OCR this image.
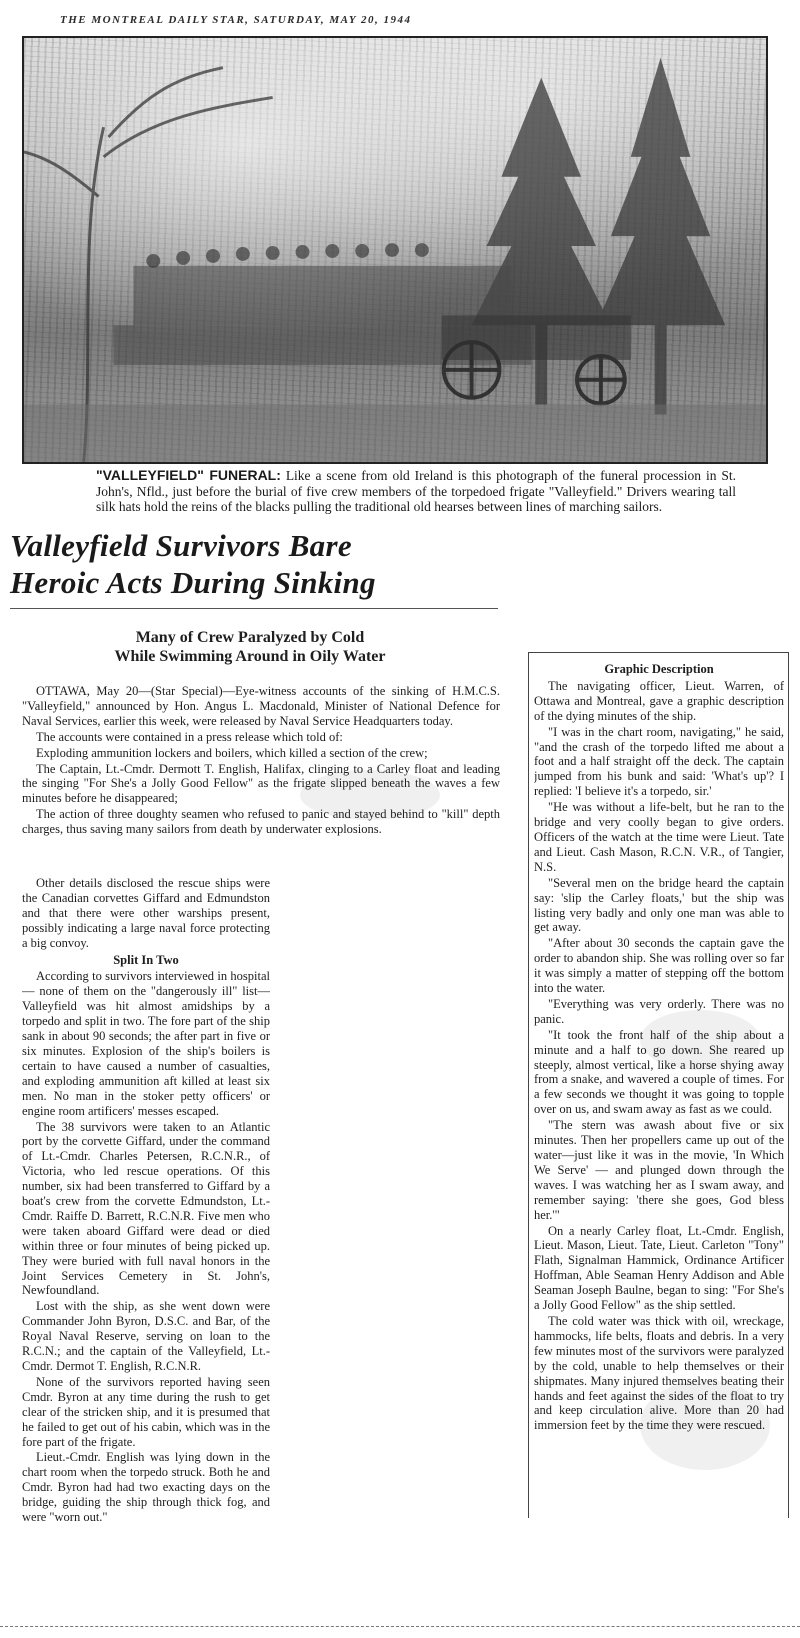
THE MONTREAL DAILY STAR, SATURDAY, MAY 20, 1944
"VALLEYFIELD" FUNERAL: Like a scene from old Ireland is this photograph of the funeral procession in St. John's, Nfld., just before the burial of five crew members of the torpedoed frigate "Valleyfield." Drivers wearing tall silk hats hold the reins of the blacks pulling the traditional old hearses between lines of marching sailors.
Valleyfield Survivors Bare
Heroic Acts During Sinking
Many of Crew Paralyzed by Cold
While Swimming Around in Oily Water

OTTAWA, May 20—(Star Special)—Eye-witness accounts of the sinking of H.M.C.S. "Valleyfield," announced by Hon. Angus L. Macdonald, Minister of National Defence for Naval Services, earlier this week, were released by Naval Service Headquarters today.

The accounts were contained in a press release which told of:

Exploding ammunition lockers and boilers, which killed a section of the crew;

The Captain, Lt.-Cmdr. Dermott T. English, Halifax, clinging to a Carley float and leading the singing "For She's a Jolly Good Fellow" as the frigate slipped beneath the waves a few minutes before he disappeared;

The action of three doughty seamen who refused to panic and stayed behind to "kill" depth charges, thus saving many sailors from death by underwater explosions.

Other details disclosed the rescue ships were the Canadian corvettes Giffard and Edmundston and that there were other warships present, possibly indicating a large naval force protecting a big convoy.

Split In Two

According to survivors interviewed in hospital — none of them on the "dangerously ill" list—Valleyfield was hit almost amidships by a torpedo and split in two. The fore part of the ship sank in about 90 seconds; the after part in five or six minutes. Explosion of the ship's boilers is certain to have caused a number of casualties, and exploding ammunition aft killed at least six men. No man in the stoker petty officers' or engine room artificers' messes escaped.

The 38 survivors were taken to an Atlantic port by the corvette Giffard, under the command of Lt.-Cmdr. Charles Petersen, R.C.N.R., of Victoria, who led rescue operations. Of this number, six had been transferred to Giffard by a boat's crew from the corvette Edmundston, Lt.-Cmdr. Raiffe D. Barrett, R.C.N.R. Five men who were taken aboard Giffard were dead or died within three or four minutes of being picked up. They were buried with full naval honors in the Joint Services Cemetery in St. John's, Newfoundland.

Lost with the ship, as she went down were Commander John Byron, D.S.C. and Bar, of the Royal Naval Reserve, serving on loan to the R.C.N.; and the captain of the Valleyfield, Lt.-Cmdr. Dermot T. English, R.C.N.R.

None of the survivors reported having seen Cmdr. Byron at any time during the rush to get clear of the stricken ship, and it is presumed that he failed to get out of his cabin, which was in the fore part of the frigate.

Lieut.-Cmdr. English was lying down in the chart room when the torpedo struck. Both he and Cmdr. Byron had had two exacting days on the bridge, guiding the ship through thick fog, and were "worn out."

Graphic Description

The navigating officer, Lieut. Warren, of Ottawa and Montreal, gave a graphic description of the dying minutes of the ship.

"I was in the chart room, navigating," he said, "and the crash of the torpedo lifted me about a foot and a half straight off the deck. The captain jumped from his bunk and said: 'What's up'? I replied: 'I believe it's a torpedo, sir.'

"He was without a life-belt, but he ran to the bridge and very coolly began to give orders. Officers of the watch at the time were Lieut. Tate and Lieut. Cash Mason, R.C.N. V.R., of Tangier, N.S.

"Several men on the bridge heard the captain say: 'slip the Carley floats,' but the ship was listing very badly and only one man was able to get away.

"After about 30 seconds the captain gave the order to abandon ship. She was rolling over so far it was simply a matter of stepping off the bottom into the water.

"Everything was very orderly. There was no panic.

"It took the front half of the ship about a minute and a half to go down. She reared up steeply, almost vertical, like a horse shying away from a snake, and wavered a couple of times. For a few seconds we thought it was going to topple over on us, and swam away as fast as we could.

"The stern was awash about five or six minutes. Then her propellers came up out of the water—just like it was in the movie, 'In Which We Serve' — and plunged down through the waves. I was watching her as I swam away, and remember saying: 'there she goes, God bless her.'"

On a nearly Carley float, Lt.-Cmdr. English, Lieut. Mason, Lieut. Tate, Lieut. Carleton "Tony" Flath, Signalman Hammick, Ordinance Artificer Hoffman, Able Seaman Henry Addison and Able Seaman Joseph Baulne, began to sing: "For She's a Jolly Good Fellow" as the ship settled.

The cold water was thick with oil, wreckage, hammocks, life belts, floats and debris. In a very few minutes most of the survivors were paralyzed by the cold, unable to help themselves or their shipmates. Many injured themselves beating their hands and feet against the sides of the float to try and keep circulation alive. More than 20 had immersion feet by the time they were rescued.
